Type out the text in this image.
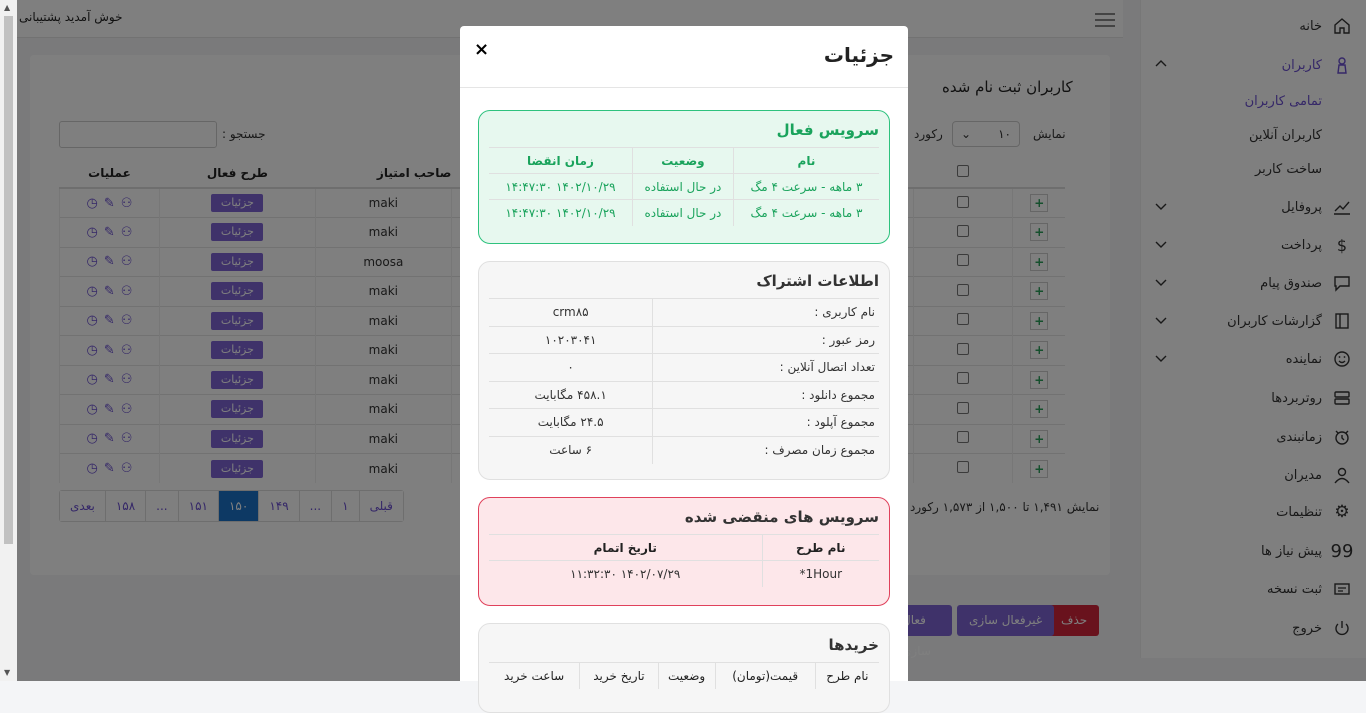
▲
▼

جزئیات
×
سرویس فعال
نام	وضعیت	زمان انقضا
۳ ماهه - سرعت ۴ مگ	در حال استفاده	۱۴۰۲/۱۰/۲۹ ۱۴:۴۷:۳۰
۳ ماهه - سرعت ۴ مگ	در حال استفاده	۱۴۰۲/۱۰/۲۹ ۱۴:۴۷:۳۰
اطلاعات اشتراک
نام کاربری :	crm۸۵
رمز عبور :	۱۰۲۰۳۰۴۱
تعداد اتصال آنلاین :	۰
مجموع دانلود :	۴۵۸.۱ مگابایت
مجموع آپلود :	۲۴.۵ مگابایت
مجموع زمان مصرف :	۶ ساعت
سرویس های منقضی شده
نام طرح	تاریخ اتمام
1Hour*	۱۴۰۲/۰۷/۲۹ ۱۱:۳۲:۳۰
خریدها
نام طرح	قیمت(تومان)	وضعیت	تاریخ خرید	ساعت خرید
